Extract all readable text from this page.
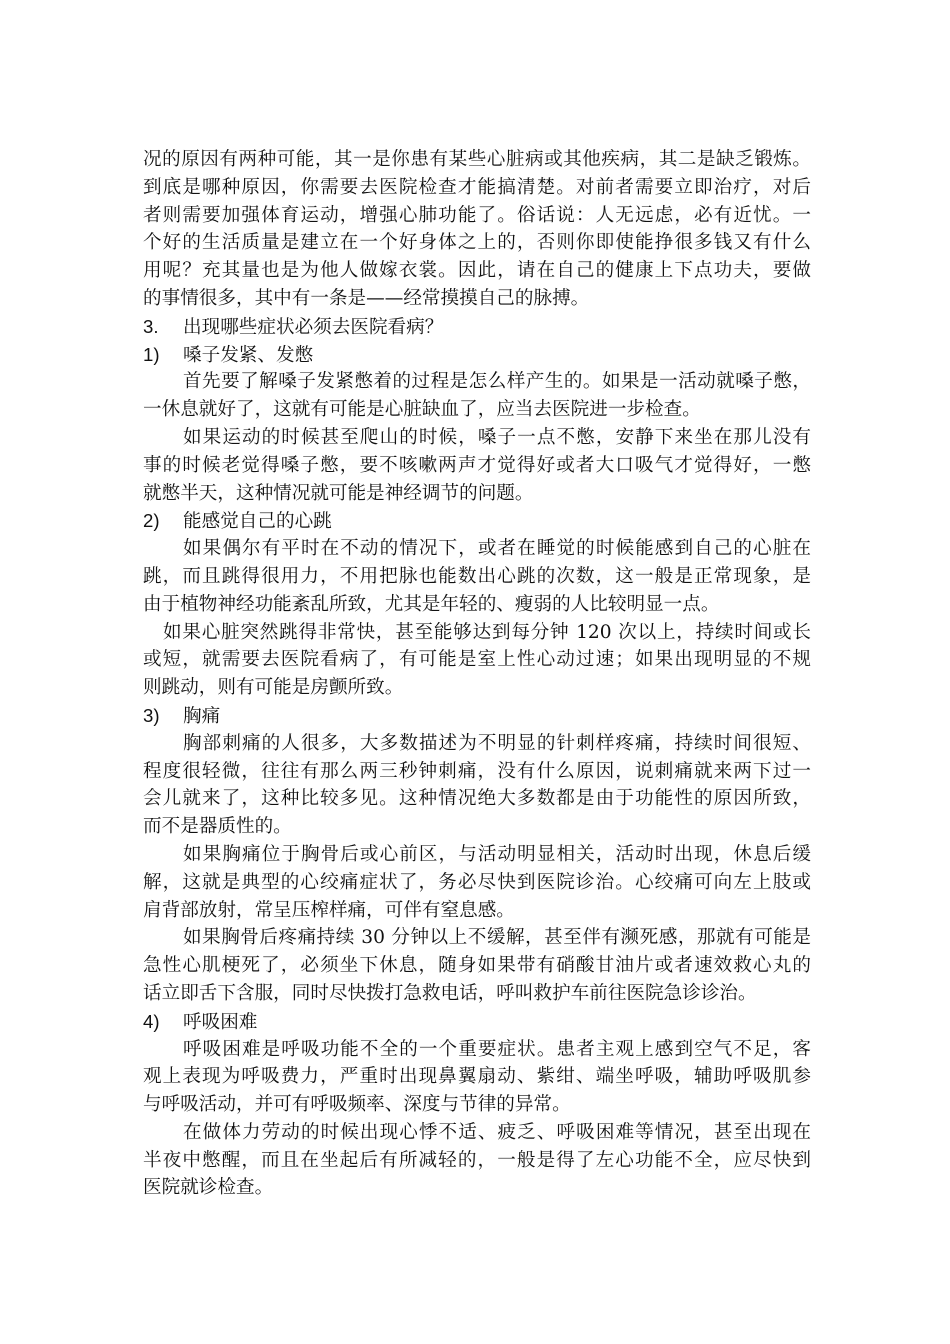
况的原因有两种可能，其一是你患有某些心脏病或其他疾病，其二是缺乏锻炼。
到底是哪种原因，你需要去医院检查才能搞清楚。对前者需要立即治疗，对后
者则需要加强体育运动，增强心肺功能了。俗话说：人无远虑，必有近忧。一
个好的生活质量是建立在一个好身体之上的，否则你即使能挣很多钱又有什么
用呢？充其量也是为他人做嫁衣裳。因此，请在自己的健康上下点功夫，要做
的事情很多，其中有一条是——经常摸摸自己的脉搏。
3. 出现哪些症状必须去医院看病？
1) 嗓子发紧、发憋
首先要了解嗓子发紧憋着的过程是怎么样产生的。如果是一活动就嗓子憋，
一休息就好了，这就有可能是心脏缺血了，应当去医院进一步检查。
如果运动的时候甚至爬山的时候，嗓子一点不憋，安静下来坐在那儿没有
事的时候老觉得嗓子憋，要不咳嗽两声才觉得好或者大口吸气才觉得好，一憋
就憋半天，这种情况就可能是神经调节的问题。
2) 能感觉自己的心跳
如果偶尔有平时在不动的情况下，或者在睡觉的时候能感到自己的心脏在
跳，而且跳得很用力，不用把脉也能数出心跳的次数，这一般是正常现象，是
由于植物神经功能紊乱所致，尤其是年轻的、瘦弱的人比较明显一点。
如果心脏突然跳得非常快，甚至能够达到每分钟 120 次以上，持续时间或长
或短，就需要去医院看病了，有可能是室上性心动过速；如果出现明显的不规
则跳动，则有可能是房颤所致。
3) 胸痛
胸部刺痛的人很多，大多数描述为不明显的针刺样疼痛，持续时间很短、
程度很轻微，往往有那么两三秒钟刺痛，没有什么原因，说刺痛就来两下过一
会儿就来了，这种比较多见。这种情况绝大多数都是由于功能性的原因所致，
而不是器质性的。
如果胸痛位于胸骨后或心前区，与活动明显相关，活动时出现，休息后缓
解，这就是典型的心绞痛症状了，务必尽快到医院诊治。心绞痛可向左上肢或
肩背部放射，常呈压榨样痛，可伴有窒息感。
如果胸骨后疼痛持续 30 分钟以上不缓解，甚至伴有濒死感，那就有可能是
急性心肌梗死了，必须坐下休息，随身如果带有硝酸甘油片或者速效救心丸的
话立即舌下含服，同时尽快拨打急救电话，呼叫救护车前往医院急诊诊治。
4) 呼吸困难
呼吸困难是呼吸功能不全的一个重要症状。患者主观上感到空气不足，客
观上表现为呼吸费力，严重时出现鼻翼扇动、紫绀、端坐呼吸，辅助呼吸肌参
与呼吸活动，并可有呼吸频率、深度与节律的异常。
在做体力劳动的时候出现心悸不适、疲乏、呼吸困难等情况，甚至出现在
半夜中憋醒，而且在坐起后有所减轻的，一般是得了左心功能不全，应尽快到
医院就诊检查。
